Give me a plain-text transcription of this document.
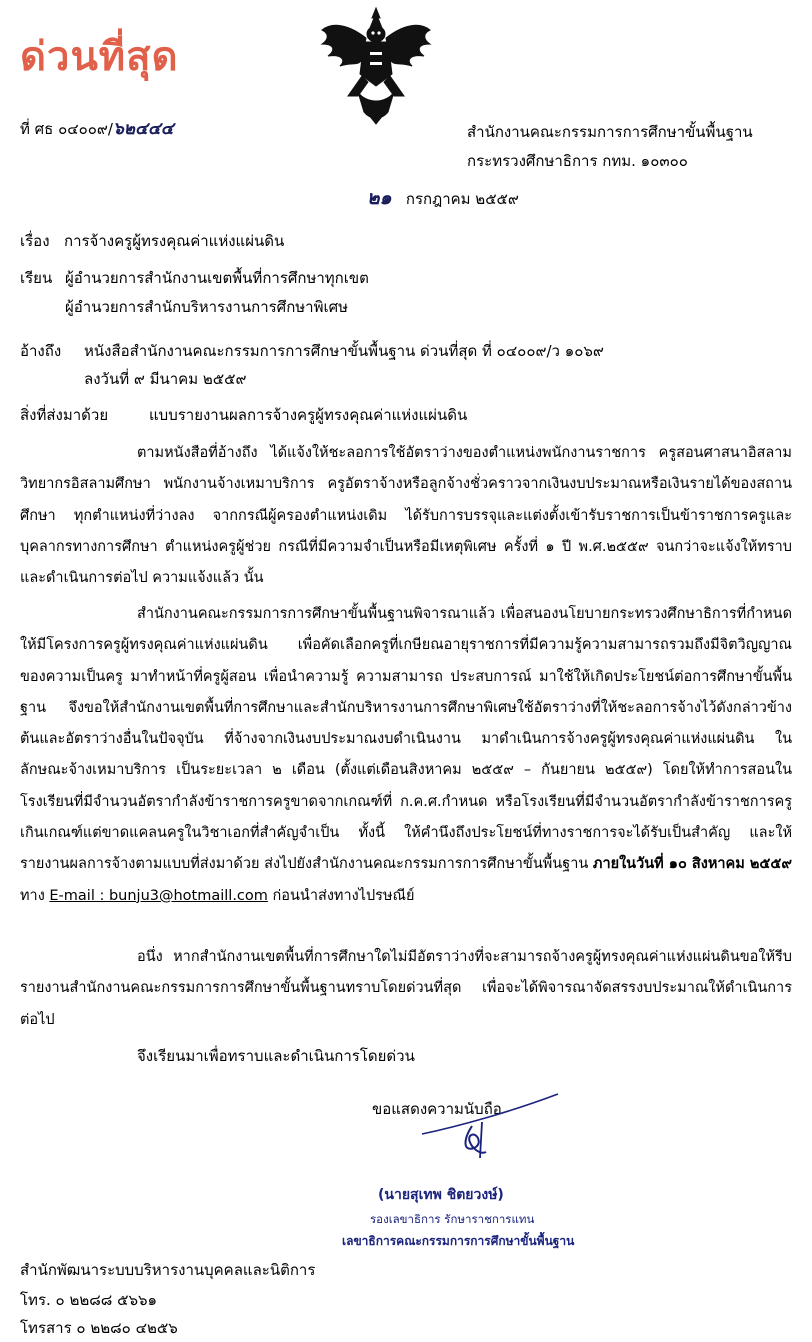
ด่วนที่สุด
ที่ ศธ ๐๔๐๐๙/๖๒๔๔๔	สำนักงานคณะกรรมการการศึกษาขั้นพื้นฐาน
กระทรวงศึกษาธิการ กทม. ๑๐๓๐๐
๒๑ กรกฎาคม ๒๕๕๙
เรื่อง การจ้างครูผู้ทรงคุณค่าแห่งแผ่นดิน
เรียน ผู้อำนวยการสำนักงานเขตพื้นที่การศึกษาทุกเขต
ผู้อำนวยการสำนักบริหารงานการศึกษาพิเศษ
อ้างถึง หนังสือสำนักงานคณะกรรมการการศึกษาขั้นพื้นฐาน ด่วนที่สุด ที่ ๐๔๐๐๙/ว ๑๐๖๙
ลงวันที่ ๙ มีนาคม ๒๕๕๙
สิ่งที่ส่งมาด้วย	แบบรายงานผลการจ้างครูผู้ทรงคุณค่าแห่งแผ่นดิน
ตามหนังสือที่อ้างถึง ได้แจ้งให้ชะลอการใช้อัตราว่างของตำแหน่งพนักงานราชการ ครูสอนศาสนาอิสลาม วิทยากรอิสลามศึกษา พนักงานจ้างเหมาบริการ ครูอัตราจ้างหรือลูกจ้างชั่วคราวจากเงินงบประมาณหรือเงินรายได้ของสถานศึกษา ทุกตำแหน่งที่ว่างลง จากกรณีผู้ครองตำแหน่งเดิม ได้รับการบรรจุและแต่งตั้งเข้ารับราชการเป็นข้าราชการครูและบุคลากรทางการศึกษา ตำแหน่งครูผู้ช่วย กรณีที่มีความจำเป็นหรือมีเหตุพิเศษ ครั้งที่ ๑ ปี พ.ศ.๒๕๕๙ จนกว่าจะแจ้งให้ทราบและดำเนินการต่อไป ความแจ้งแล้ว นั้น
สำนักงานคณะกรรมการการศึกษาขั้นพื้นฐานพิจารณาแล้ว เพื่อสนองนโยบายกระทรวงศึกษาธิการที่กำหนดให้มีโครงการครูผู้ทรงคุณค่าแห่งแผ่นดิน เพื่อคัดเลือกครูที่เกษียณอายุราชการที่มีความรู้ความสามารถรวมถึงมีจิตวิญญาณของความเป็นครู มาทำหน้าที่ครูผู้สอน เพื่อนำความรู้ ความสามารถ ประสบการณ์ มาใช้ให้เกิดประโยชน์ต่อการศึกษาขั้นพื้นฐาน จึงขอให้สำนักงานเขตพื้นที่การศึกษาและสำนักบริหารงานการศึกษาพิเศษใช้อัตราว่างที่ให้ชะลอการจ้างไว้ดังกล่าวข้างต้นและอัตราว่างอื่นในปัจจุบัน ที่จ้างจากเงินงบประมาณงบดำเนินงาน มาดำเนินการจ้างครูผู้ทรงคุณค่าแห่งแผ่นดิน ในลักษณะจ้างเหมาบริการ เป็นระยะเวลา ๒ เดือน (ตั้งแต่เดือนสิงหาคม ๒๕๕๙ – กันยายน ๒๕๕๙) โดยให้ทำการสอนในโรงเรียนที่มีจำนวนอัตรากำลังข้าราชการครูขาดจากเกณฑ์ที่ ก.ค.ศ.กำหนด หรือโรงเรียนที่มีจำนวนอัตรากำลังข้าราชการครูเกินเกณฑ์แต่ขาดแคลนครูในวิชาเอกที่สำคัญจำเป็น ทั้งนี้ ให้คำนึงถึงประโยชน์ที่ทางราชการจะได้รับเป็นสำคัญ และให้รายงานผลการจ้างตามแบบที่ส่งมาด้วย ส่งไปยังสำนักงานคณะกรรมการการศึกษาขั้นพื้นฐาน ภายในวันที่ ๑๐ สิงหาคม ๒๕๕๙ ทาง E-mail : bunju3@hotmaill.com ก่อนนำส่งทางไปรษณีย์
อนึ่ง หากสำนักงานเขตพื้นที่การศึกษาใดไม่มีอัตราว่างที่จะสามารถจ้างครูผู้ทรงคุณค่าแห่งแผ่นดินขอให้รีบรายงานสำนักงานคณะกรรมการการศึกษาขั้นพื้นฐานทราบโดยด่วนที่สุด เพื่อจะได้พิจารณาจัดสรรงบประมาณให้ดำเนินการต่อไป
จึงเรียนมาเพื่อทราบและดำเนินการโดยด่วน
ขอแสดงความนับถือ
(นายสุเทพ ชิตยวงษ์)
รองเลขาธิการ รักษาราชการแทน
เลขาธิการคณะกรรมการการศึกษาขั้นพื้นฐาน
สำนักพัฒนาระบบบริหารงานบุคคลและนิติการ
โทร. ๐ ๒๒๘๘ ๕๖๖๑
โทรสาร ๐ ๒๒๘๐ ๔๒๕๖
